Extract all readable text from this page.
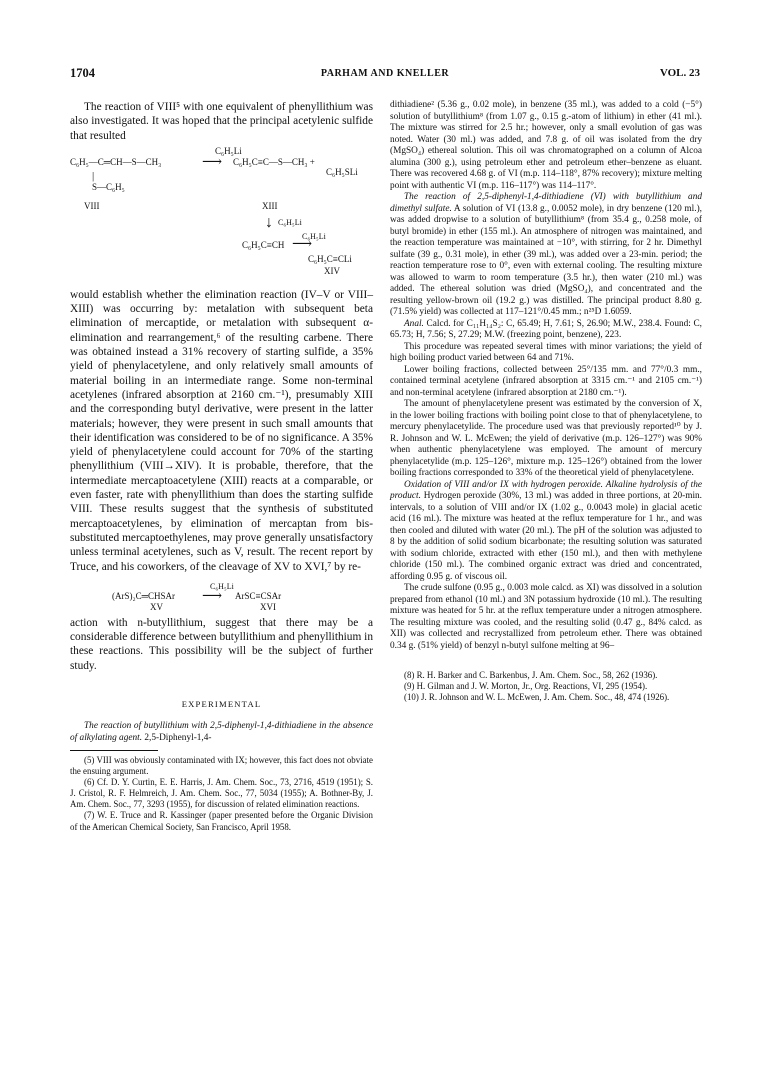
1704	PARHAM AND KNELLER	VOL. 23

The reaction of VIII⁵ with one equivalent of phenyllithium was also investigated. It was hoped that the principal acetylenic sulfide that resulted

C₆H₅Li
C₆H₅—C═CH—S—CH₃	⟶ C₆H₅C≡C—S—CH₃ +
C₆H₅SLi
|
S—C₆H₅
VIII	XIII
↓ C₆H₅Li
C₆H₅C≡CH
C₆H₅Li
⟶
C₆H₅C≡CLi
XIV

would establish whether the elimination reaction (IV–V or VIII–XIII) was occurring by: metalation with subsequent beta elimination of mercaptide, or metalation with subsequent α-elimination and rearrangement,⁶ of the resulting carbene. There was obtained instead a 31% recovery of starting sulfide, a 35% yield of phenylacetylene, and only relatively small amounts of material boiling in an intermediate range. Some non-terminal acetylenes (infrared absorption at 2160 cm.⁻¹), presumably XIII and the corresponding butyl derivative, were present in the latter materials; however, they were present in such small amounts that their identification was considered to be of no significance. A 35% yield of phenylacetylene could account for 70% of the starting phenyllithium (VIII→XIV). It is probable, therefore, that the intermediate mercaptoacetylene (XIII) reacts at a comparable, or even faster, rate with phenyllithium than does the starting sulfide VIII. These results suggest that the synthesis of substituted mercaptoacetylenes, by elimination of mercaptan from bis-substituted mercaptoethylenes, may prove generally unsatisfactory unless terminal acetylenes, such as V, result. The recent report by Truce, and his coworkers, of the cleavage of XV to XVI,⁷ by re-

C₆H₅Li
(ArS)₂C═CHSAr ⟶ ArSC≡CSAr
XV	XVI

action with n-butyllithium, suggest that there may be a considerable difference between butyllithium and phenyllithium in these reactions. This possibility will be the subject of further study.

EXPERIMENTAL

The reaction of butyllithium with 2,5-diphenyl-1,4-dithiadiene in the absence of alkylating agent. 2,5-Diphenyl-1,4-

(5) VIII was obviously contaminated with IX; however, this fact does not obviate the ensuing argument.

(6) Cf. D. Y. Curtin, E. E. Harris, J. Am. Chem. Soc., 73, 2716, 4519 (1951); S. J. Cristol, R. F. Helmreich, J. Am. Chem. Soc., 77, 5034 (1955); A. Bothner-By, J. Am. Chem. Soc., 77, 3293 (1955), for discussion of related elimination reactions.

(7) W. E. Truce and R. Kassinger (paper presented before the Organic Division of the American Chemical Society, San Francisco, April 1958.

dithiadiene² (5.36 g., 0.02 mole), in benzene (35 ml.), was added to a cold (−5°) solution of butyllithium⁸ (from 1.07 g., 0.15 g.-atom of lithium) in ether (41 ml.). The mixture was stirred for 2.5 hr.; however, only a small evolution of gas was noted. Water (30 ml.) was added, and 7.8 g. of oil was isolated from the dry (MgSO₄) ethereal solution. This oil was chromatographed on a column of Alcoa alumina (300 g.), using petroleum ether and petroleum ether–benzene as eluant. There was recovered 4.68 g. of VI (m.p. 114–118°, 87% recovery); mixture melting point with authentic VI (m.p. 116–117°) was 114–117°.

The reaction of 2,5-diphenyl-1,4-dithiadiene (VI) with butyllithium and dimethyl sulfate. A solution of VI (13.8 g., 0.0052 mole), in dry benzene (120 ml.), was added dropwise to a solution of butyllithium⁸ (from 35.4 g., 0.258 mole, of butyl bromide) in ether (155 ml.). An atmosphere of nitrogen was maintained, and the reaction temperature was maintained at −10°, with stirring, for 2 hr. Dimethyl sulfate (39 g., 0.31 mole), in ether (39 ml.), was added over a 23-min. period; the reaction temperature rose to 0°, even with external cooling. The resulting mixture was allowed to warm to room temperature (3.5 hr.), then water (210 ml.) was added. The ethereal solution was dried (MgSO₄), and concentrated and the resulting yellow-brown oil (19.2 g.) was distilled. The principal product 8.80 g. (71.5% yield) was collected at 117–121°/0.45 mm.; n²⁵D 1.6059.

Anal. Calcd. for C₁₁H₁₄S₂: C, 65.49; H, 7.61; S, 26.90; M.W., 238.4. Found: C, 65.73; H, 7.56; S, 27.29; M.W. (freezing point, benzene), 223.

This procedure was repeated several times with minor variations; the yield of high boiling product varied between 64 and 71%.

Lower boiling fractions, collected between 25°/135 mm. and 77°/0.3 mm., contained terminal acetylene (infrared absorption at 3315 cm.⁻¹ and 2105 cm.⁻¹) and non-terminal acetylene (infrared absorption at 2180 cm.⁻¹).

The amount of phenylacetylene present was estimated by the conversion of X, in the lower boiling fractions with boiling point close to that of phenylacetylene, to mercury phenylacetylide. The procedure used was that previously reported¹⁰ by J. R. Johnson and W. L. McEwen; the yield of derivative (m.p. 126–127°) was 90% when authentic phenylacetylene was employed. The amount of mercury phenylacetylide (m.p. 125–126°, mixture m.p. 125–126°) obtained from the lower boiling fractions corresponded to 33% of the theoretical yield of phenylacetylene.

Oxidation of VIII and/or IX with hydrogen peroxide. Alkaline hydrolysis of the product. Hydrogen peroxide (30%, 13 ml.) was added in three portions, at 20-min. intervals, to a solution of VIII and/or IX (1.02 g., 0.0043 mole) in glacial acetic acid (16 ml.). The mixture was heated at the reflux temperature for 1 hr., and was then cooled and diluted with water (20 ml.). The pH of the solution was adjusted to 8 by the addition of solid sodium bicarbonate; the resulting solution was saturated with sodium chloride, extracted with ether (150 ml.), and then with methylene chloride (150 ml.). The combined organic extract was dried and concentrated, affording 0.95 g. of viscous oil.

The crude sulfone (0.95 g., 0.003 mole calcd. as XI) was dissolved in a solution prepared from ethanol (10 ml.) and 3N potassium hydroxide (10 ml.). The resulting mixture was heated for 5 hr. at the reflux temperature under a nitrogen atmosphere. The resulting mixture was cooled, and the resulting solid (0.47 g., 84% calcd. as XII) was collected and recrystallized from petroleum ether. There was obtained 0.34 g. (51% yield) of benzyl n-butyl sulfone melting at 96–

(8) R. H. Barker and C. Barkenbus, J. Am. Chem. Soc., 58, 262 (1936).

(9) H. Gilman and J. W. Morton, Jr., Org. Reactions, VI, 295 (1954).

(10) J. R. Johnson and W. L. McEwen, J. Am. Chem. Soc., 48, 474 (1926).
